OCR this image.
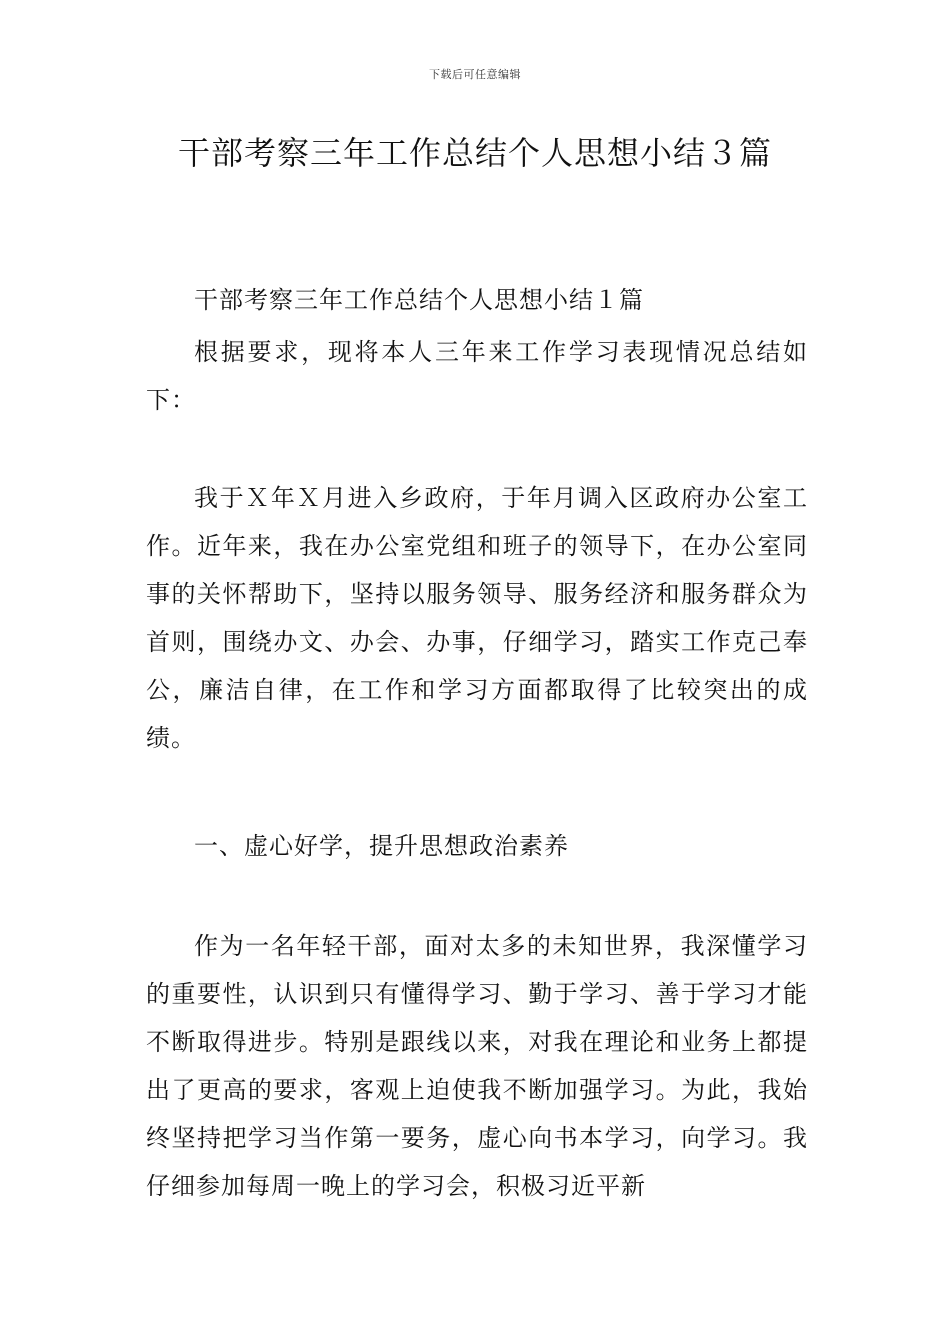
下载后可任意编辑
干部考察三年工作总结个人思想小结３篇

干部考察三年工作总结个人思想小结１篇

根据要求，现将本人三年来工作学习表现情况总结如下：

我于Ｘ年Ｘ月进入乡政府，于年月调入区政府办公室工作。近年来，我在办公室党组和班子的领导下，在办公室同事的关怀帮助下，坚持以服务领导、服务经济和服务群众为首则，围绕办文、办会、办事，仔细学习，踏实工作克己奉公，廉洁自律，在工作和学习方面都取得了比较突出的成绩。

一、虚心好学，提升思想政治素养

作为一名年轻干部，面对太多的未知世界，我深懂学习的重要性，认识到只有懂得学习、勤于学习、善于学习才能不断取得进步。特别是跟线以来，对我在理论和业务上都提出了更高的要求，客观上迫使我不断加强学习。为此，我始终坚持把学习当作第一要务，虚心向书本学习，向学习。我仔细参加每周一晚上的学习会，积极习近平新
